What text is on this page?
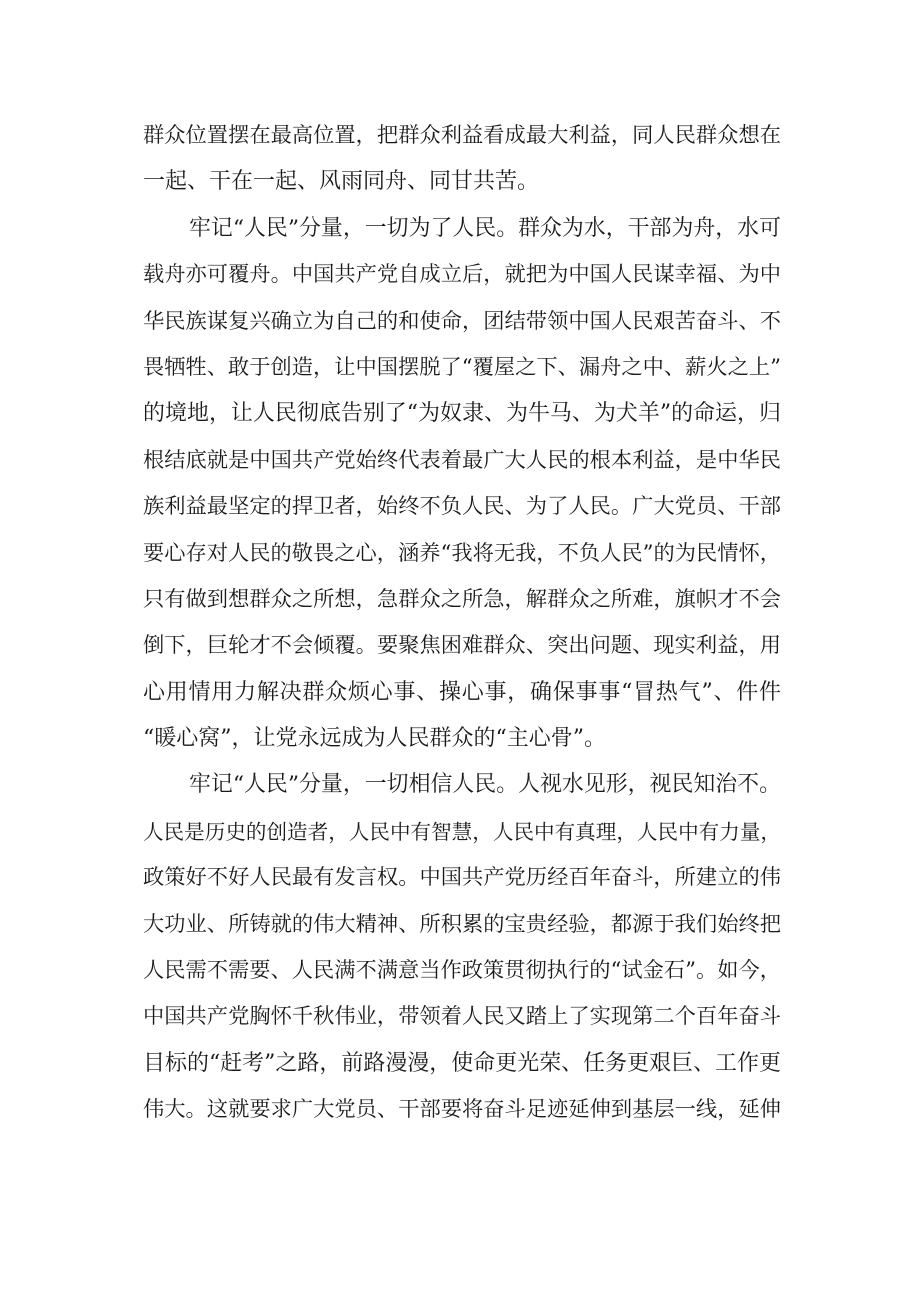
群众位置摆在最高位置，把群众利益看成最大利益，同人民群众想在
一起、干在一起、风雨同舟、同甘共苦。
牢记“人民”分量，一切为了人民。群众为水，干部为舟，水可
载舟亦可覆舟。中国共产党自成立后，就把为中国人民谋幸福、为中
华民族谋复兴确立为自己的和使命，团结带领中国人民艰苦奋斗、不
畏牺牲、敢于创造，让中国摆脱了“覆屋之下、漏舟之中、薪火之上”
的境地，让人民彻底告别了“为奴隶、为牛马、为犬羊”的命运，归
根结底就是中国共产党始终代表着最广大人民的根本利益，是中华民
族利益最坚定的捍卫者，始终不负人民、为了人民。广大党员、干部
要心存对人民的敬畏之心，涵养“我将无我，不负人民”的为民情怀，
只有做到想群众之所想，急群众之所急，解群众之所难，旗帜才不会
倒下，巨轮才不会倾覆。要聚焦困难群众、突出问题、现实利益，用
心用情用力解决群众烦心事、操心事，确保事事“冒热气”、件件
“暖心窝”，让党永远成为人民群众的“主心骨”。
牢记“人民”分量，一切相信人民。人视水见形，视民知治不。
人民是历史的创造者，人民中有智慧，人民中有真理，人民中有力量，
政策好不好人民最有发言权。中国共产党历经百年奋斗，所建立的伟
大功业、所铸就的伟大精神、所积累的宝贵经验，都源于我们始终把
人民需不需要、人民满不满意当作政策贯彻执行的“试金石”。如今，
中国共产党胸怀千秋伟业，带领着人民又踏上了实现第二个百年奋斗
目标的“赶考”之路，前路漫漫，使命更光荣、任务更艰巨、工作更
伟大。这就要求广大党员、干部要将奋斗足迹延伸到基层一线，延伸
